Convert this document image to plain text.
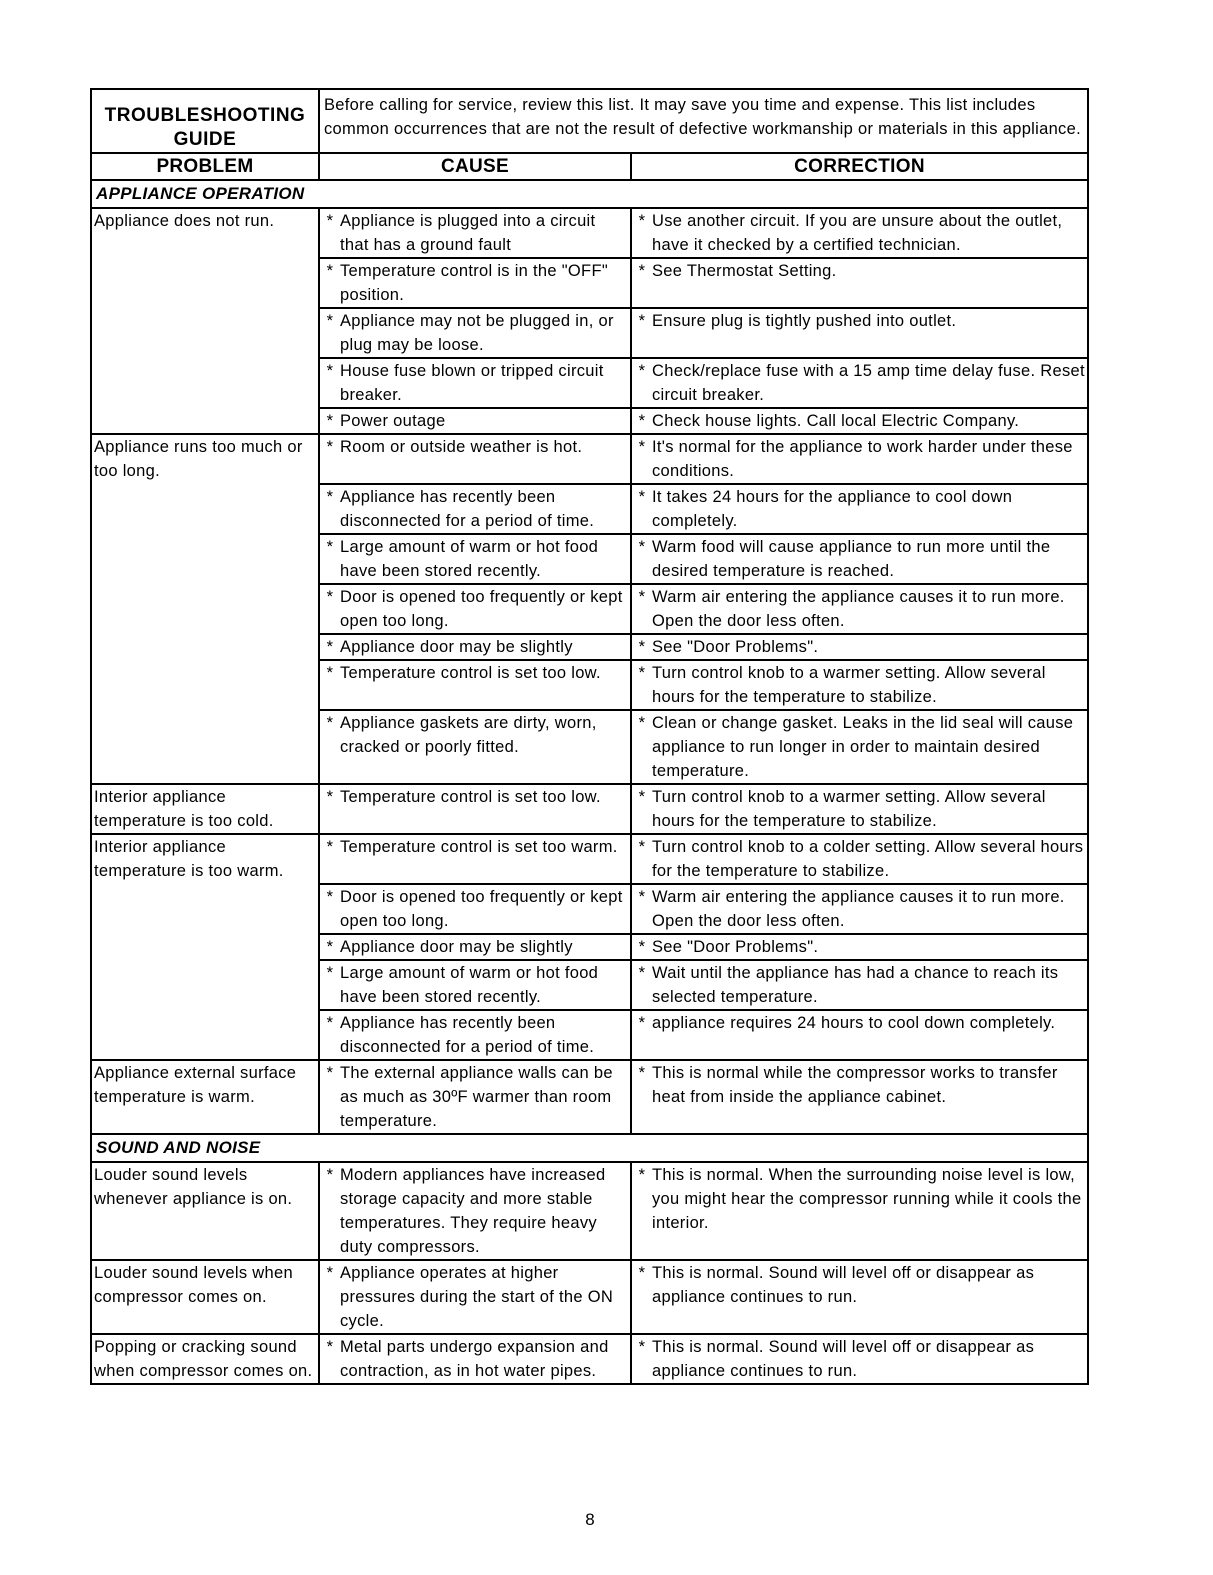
TROUBLESHOOTING
GUIDE	Before calling for service, review this list. It may save you time and expense. This list includes common occurrences that are not the result of defective workmanship or materials in this appliance.	
PROBLEM	CAUSE	CORRECTION
APPLIANCE OPERATION		
Appliance does not run.	* Appliance is plugged into a circuit that has a ground fault	* Use another circuit. If you are unsure about the outlet, have it checked by a certified technician.

	* Temperature control is in the "OFF" position.	* See Thermostat Setting.

	* Appliance may not be plugged in, or plug may be loose.	* Ensure plug is tightly pushed into outlet.

	* House fuse blown or tripped circuit breaker.	* Check/replace fuse with a 15 amp time delay fuse. Reset circuit breaker.

	* Power outage	* Check house lights. Call local Electric Company.

Appliance runs too much or too long.	* Room or outside weather is hot.	* It's normal for the appliance to work harder under these conditions.

	* Appliance has recently been disconnected for a period of time.	* It takes 24 hours for the appliance to cool down completely.

	* Large amount of warm or hot food have been stored recently.	* Warm food will cause appliance to run more until the desired temperature is reached.

	* Door is opened too frequently or kept open too long.	* Warm air entering the appliance causes it to run more. Open the door less often.

	* Appliance door may be slightly	* See "Door Problems".

	* Temperature control is set too low.	* Turn control knob to a warmer setting. Allow several hours for the temperature to stabilize.

	* Appliance gaskets are dirty, worn, cracked or poorly fitted.	* Clean or change gasket. Leaks in the lid seal will cause appliance to run longer in order to maintain desired temperature.

Interior appliance temperature is too cold.	* Temperature control is set too low.	* Turn control knob to a warmer setting. Allow several hours for the temperature to stabilize.

Interior appliance temperature is too warm.	* Temperature control is set too warm.	* Turn control knob to a colder setting. Allow several hours for the temperature to stabilize.

	* Door is opened too frequently or kept open too long.	* Warm air entering the appliance causes it to run more. Open the door less often.

	* Appliance door may be slightly	* See "Door Problems".

	* Large amount of warm or hot food have been stored recently.	* Wait until the appliance has had a chance to reach its selected temperature.

	* Appliance has recently been disconnected for a period of time.	* appliance requires 24 hours to cool down completely.

Appliance external surface temperature is warm.	* The external appliance walls can be as much as 30ºF warmer than room temperature.	* This is normal while the compressor works to transfer heat from inside the appliance cabinet.

SOUND AND NOISE		
Louder sound levels whenever appliance is on.	* Modern appliances have increased storage capacity and more stable temperatures. They require heavy duty compressors.	* This is normal. When the surrounding noise level is low, you might hear the compressor running while it cools the interior.

Louder sound levels when compressor comes on.	* Appliance operates at higher pressures during the start of the ON cycle.	* This is normal. Sound will level off or disappear as appliance continues to run.

Popping or cracking sound when compressor comes on.	* Metal parts undergo expansion and contraction, as in hot water pipes.	* This is normal. Sound will level off or disappear as appliance continues to run.
8
